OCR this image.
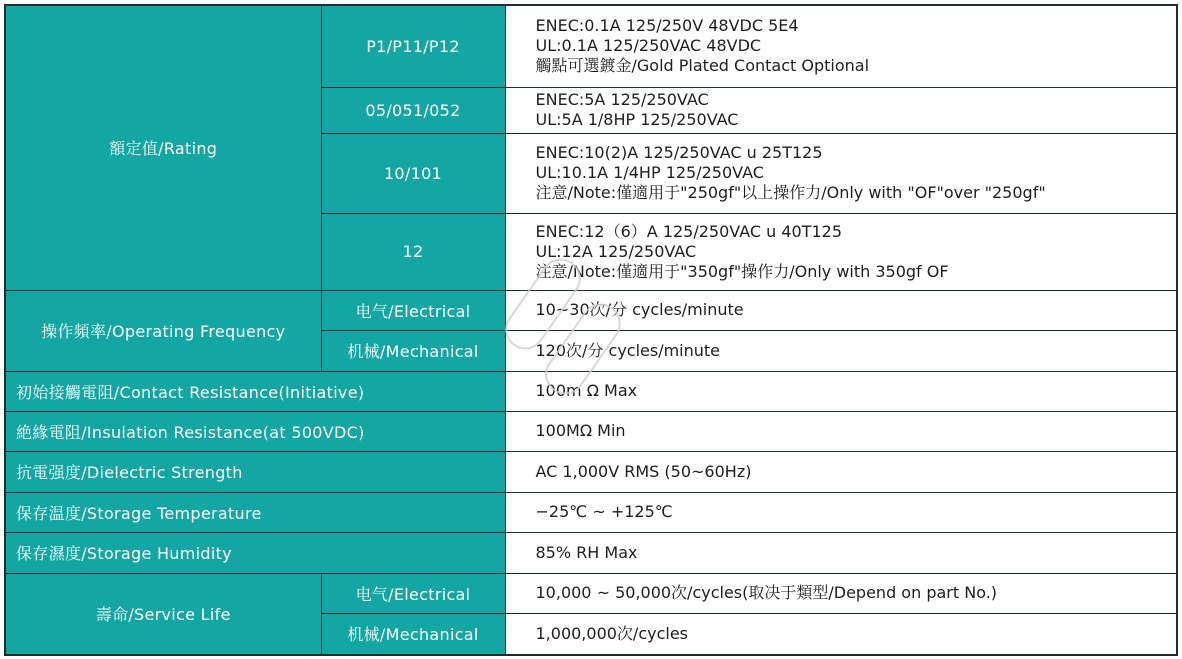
額定值/Rating	P1/P11/P12	ENEC:0.1A 125/250V 48VDC 5E4
UL:0.1A 125/250VAC 48VDC
觸點可選鍍金/Gold Plated Contact Optional

	05/051/052	ENEC:5A 125/250VAC
UL:5A 1/8HP 125/250VAC

	10/101	ENEC:10(2)A 125/250VAC u 25T125
UL:10.1A 1/4HP 125/250VAC
注意/Note:僅適用于"250gf"以上操作力/Only with "OF"over "250gf"

	12	ENEC:12（6）A 125/250VAC u 40T125
UL:12A 125/250VAC
注意/Note:僅適用于"350gf"操作力/Only with 350gf OF

操作頻率/Operating Frequency	电气/Electrical	10~30次/分 cycles/minute
	机械/Mechanical	120次/分 cycles/minute
初始接觸電阻/Contact Resistance(Initiative)		100m Ω Max
絶緣電阻/Insulation Resistance(at 500VDC)		100MΩ Min
抗電强度/Dielectric Strength		AC 1,000V RMS (50~60Hz)
保存温度/Storage Temperature		−25℃ ~ +125℃
保存濕度/Storage Humidity		85% RH Max
壽命/Service Life	电气/Electrical	10,000 ~ 50,000次/cycles(取决于類型/Depend on part No.)
	机械/Mechanical	1,000,000次/cycles
